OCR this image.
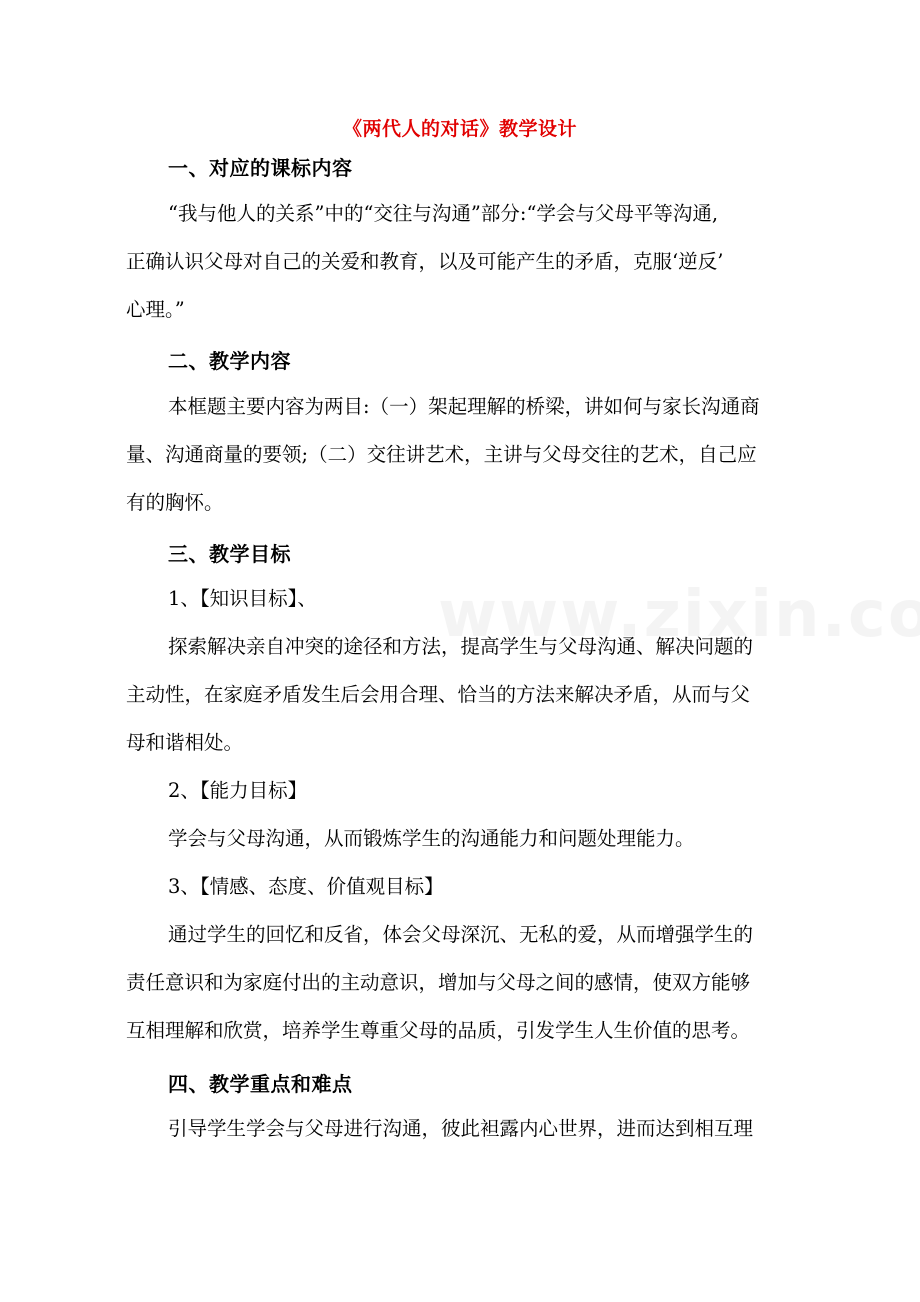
《两代人的对话》教学设计
一、对应的课标内容
“我与他人的关系”中的“交往与沟通”部分:“学会与父母平等沟通,
正确认识父母对自己的关爱和教育，以及可能产生的矛盾，克服‘逆反’
心理。”
二、教学内容
本框题主要内容为两目:（一）架起理解的桥梁，讲如何与家长沟通商
量、沟通商量的要领;（二）交往讲艺术，主讲与父母交往的艺术，自己应
有的胸怀。
三、教学目标
1、【知识目标】、
探索解决亲自冲突的途径和方法，提高学生与父母沟通、解决问题的
主动性，在家庭矛盾发生后会用合理、恰当的方法来解决矛盾，从而与父
母和谐相处。
2、【能力目标】
学会与父母沟通，从而锻炼学生的沟通能力和问题处理能力。
3、【情感、态度、价值观目标】
通过学生的回忆和反省，体会父母深沉、无私的爱，从而增强学生的
责任意识和为家庭付出的主动意识，增加与父母之间的感情，使双方能够
互相理解和欣赏，培养学生尊重父母的品质，引发学生人生价值的思考。
四、教学重点和难点
引导学生学会与父母进行沟通，彼此袒露内心世界，进而达到相互理
